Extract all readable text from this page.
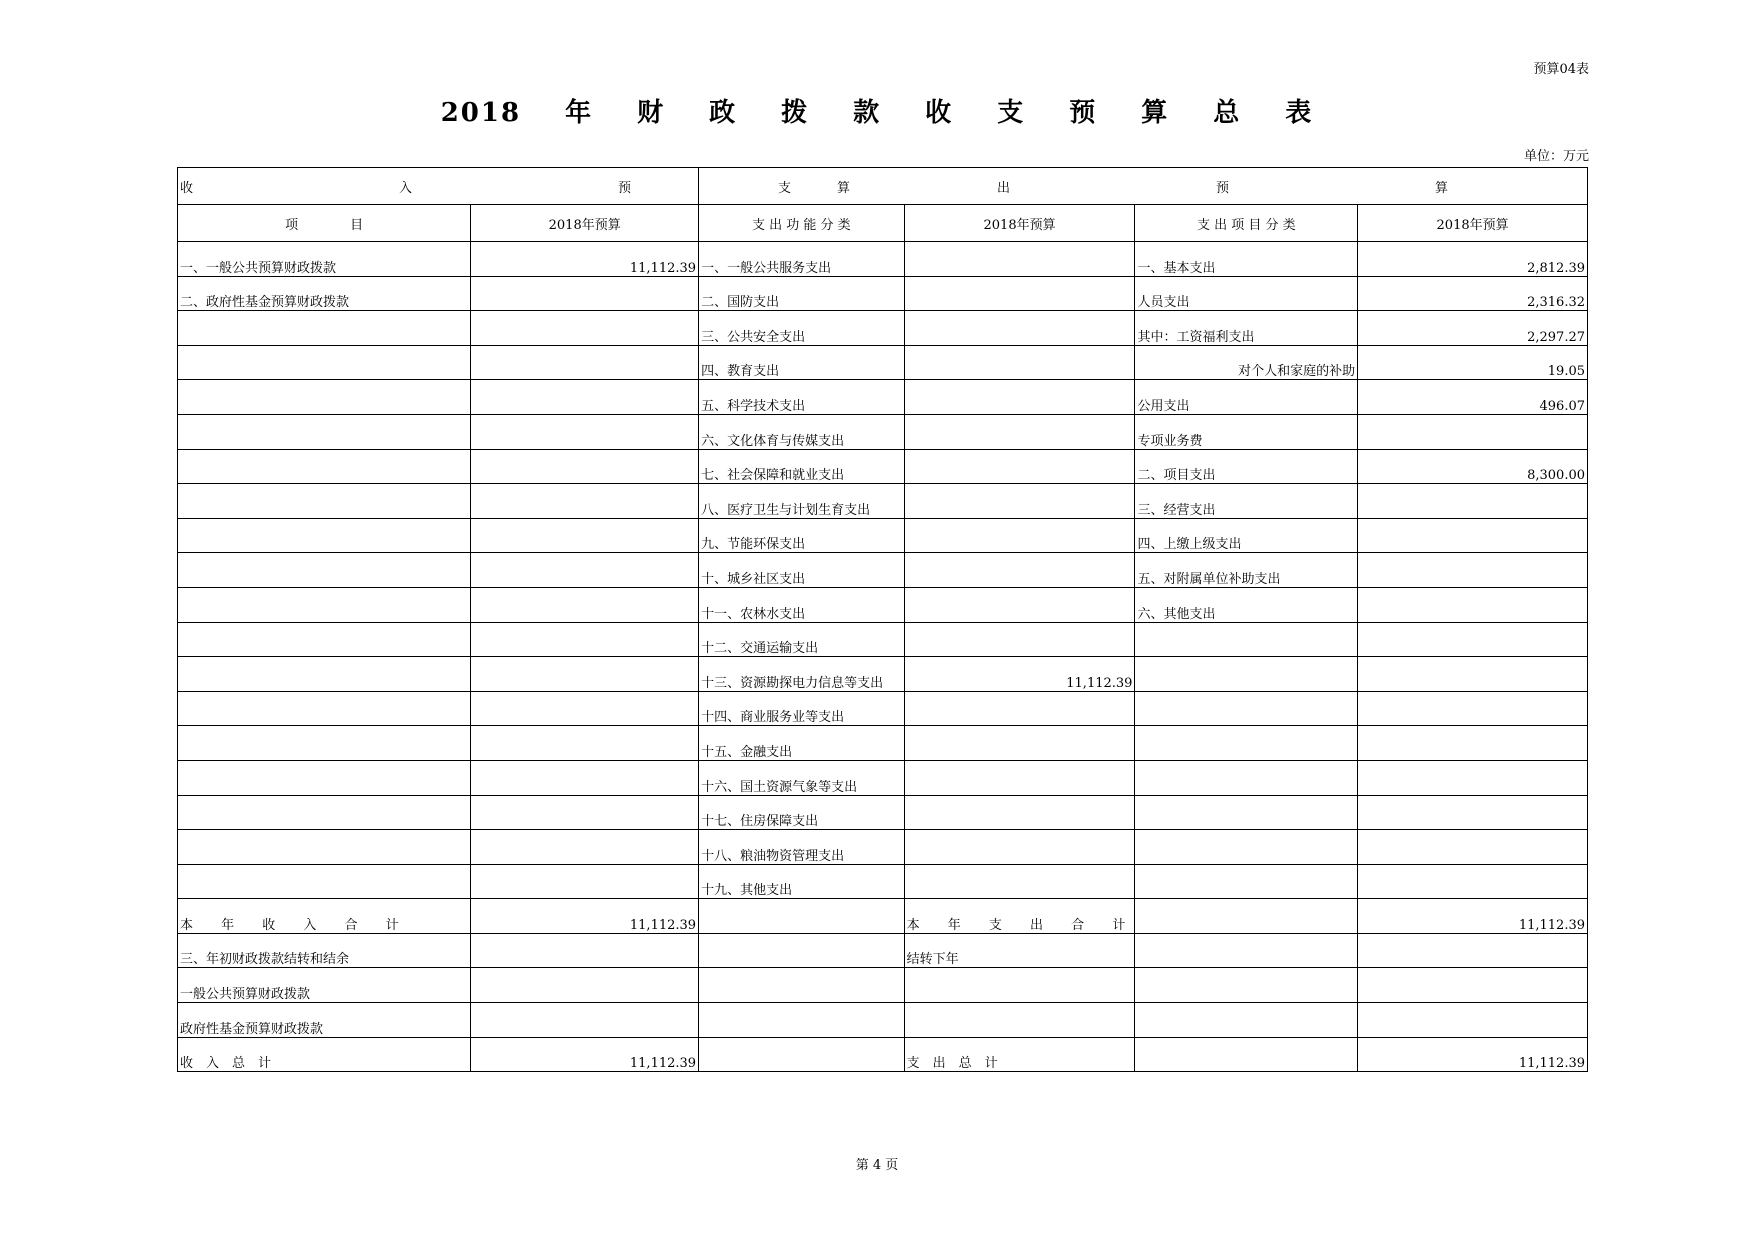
预算04表
2018 年 财 政 拨 款 收 支 预 算 总 表
单位：万元
收　　入　　预　　算		支　　出　　预　　算			
项　　　　目	2018年预算	支 出 功 能 分 类	2018年预算	支 出 项 目 分 类	2018年预算
一、一般公共预算财政拨款	11,112.39	一、一般公共服务支出		一、基本支出	2,812.39
二、政府性基金预算财政拨款		二、国防支出		人员支出	2,316.32
		三、公共安全支出		其中：工资福利支出	2,297.27
		四、教育支出		对个人和家庭的补助	19.05
		五、科学技术支出		公用支出	496.07
		六、文化体育与传媒支出		专项业务费	
		七、社会保障和就业支出		二、项目支出	8,300.00
		八、医疗卫生与计划生育支出		三、经营支出	
		九、节能环保支出		四、上缴上级支出	
		十、城乡社区支出		五、对附属单位补助支出	
		十一、农林水支出		六、其他支出	
		十二、交通运输支出			
		十三、资源勘探电力信息等支出	11,112.39		
		十四、商业服务业等支出			
		十五、金融支出			
		十六、国土资源气象等支出			
		十七、住房保障支出			
		十八、粮油物资管理支出			
		十九、其他支出			
本 年 收 入 合 计	11,112.39		本 年 支 出 合 计		11,112.39
三、年初财政拨款结转和结余			结转下年		
一般公共预算财政拨款					
政府性基金预算财政拨款					
收　入　总　计	11,112.39		支　出　总　计		11,112.39
第 4 页
